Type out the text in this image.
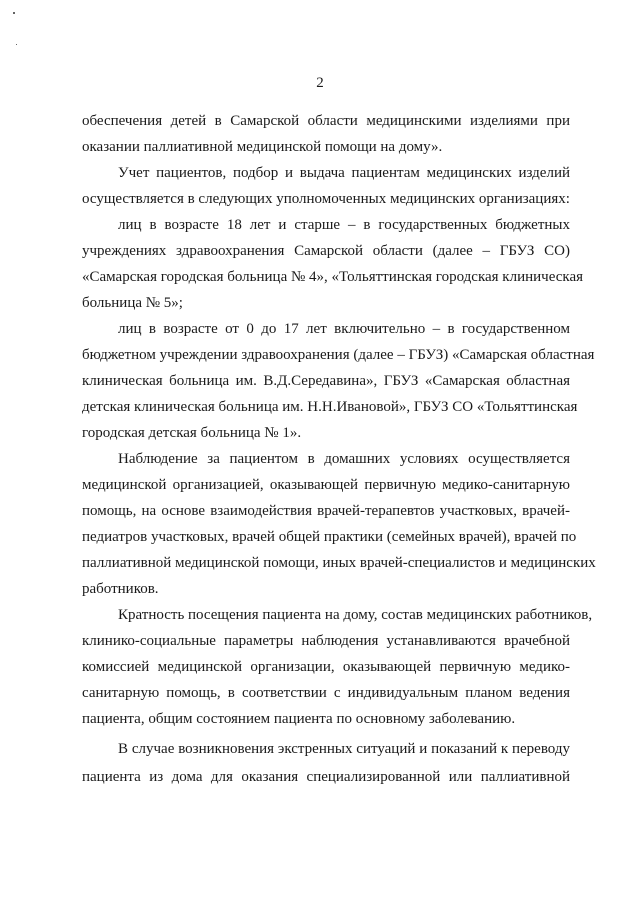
2
обеспечения детей в Самарской области медицинскими изделиями при
оказании паллиативной медицинской помощи на дому».
Учет пациентов, подбор и выдача пациентам медицинских изделий
осуществляется в следующих уполномоченных медицинских организациях:
лиц в возрасте 18 лет и старше – в государственных бюджетных
учреждениях здравоохранения Самарской области (далее – ГБУЗ СО)
«Самарская городская больница № 4», «Тольяттинская городская клиническая
больница № 5»;
лиц в возрасте от 0 до 17 лет включительно – в государственном
бюджетном учреждении здравоохранения (далее – ГБУЗ) «Самарская областная
клиническая больница им. В.Д.Середавина», ГБУЗ «Самарская областная
детская клиническая больница им. Н.Н.Ивановой», ГБУЗ СО «Тольяттинская
городская детская больница № 1».
Наблюдение за пациентом в домашних условиях осуществляется
медицинской организацией, оказывающей первичную медико-санитарную
помощь, на основе взаимодействия врачей-терапевтов участковых, врачей-
педиатров участковых, врачей общей практики (семейных врачей), врачей по
паллиативной медицинской помощи, иных врачей-специалистов и медицинских
работников.
Кратность посещения пациента на дому, состав медицинских работников,
клинико-социальные параметры наблюдения устанавливаются врачебной
комиссией медицинской организации, оказывающей первичную медико-
санитарную помощь, в соответствии с индивидуальным планом ведения
пациента, общим состоянием пациента по основному заболеванию.
В случае возникновения экстренных ситуаций и показаний к переводу
пациента из дома для оказания специализированной или паллиативной
